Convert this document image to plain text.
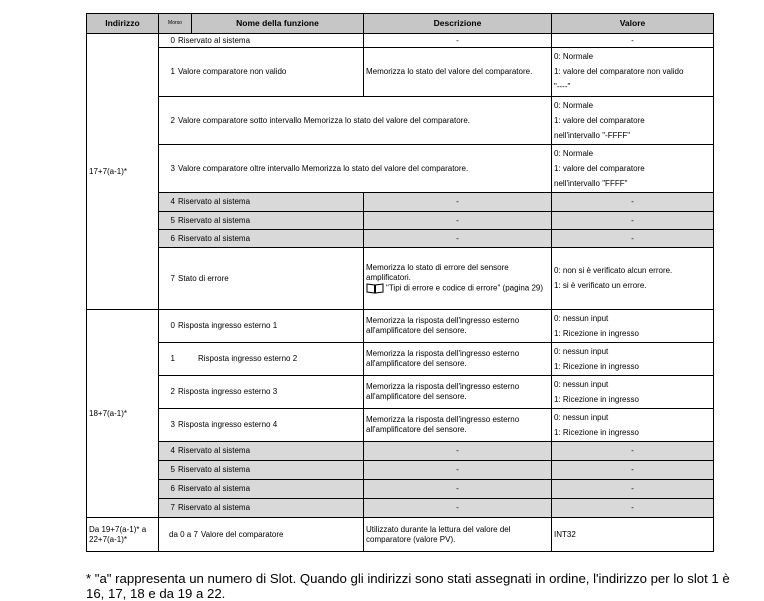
Indirizzo	Morso	Nome della funzione	Descrizione	Valore
17+7(a-1)*	0 Riservato al sistema		-	-

	1 Valore comparatore non valido		Memorizza lo stato del valore del comparatore.	0: Normale
1: valore del comparatore non valido
"----"

	2 Valore comparatore sotto intervallo Memorizza lo stato del valore del comparatore.			0: Normale
1: valore del comparatore
nell'intervallo "-FFFF"

	3 Valore comparatore oltre intervallo Memorizza lo stato del valore del comparatore.			0: Normale
1: valore del comparatore
nell'intervallo "FFFF"

	4 Riservato al sistema		-	-

	5 Riservato al sistema		-	-

	6 Riservato al sistema		-	-

	7 Stato di errore		Memorizza lo stato di errore del sensore amplificatori.
"Tipi di errore e codice di errore" (pagina 29)	0: non si è verificato alcun errore.
1: si è verificato un errore.

18+7(a-1)*	0 Risposta ingresso esterno 1		Memorizza la risposta dell'ingresso esterno all'amplificatore del sensore.	0: nessun input
1: Ricezione in ingresso

	1 Risposta ingresso esterno 2		Memorizza la risposta dell'ingresso esterno all'amplificatore del sensore.	0: nessun input
1: Ricezione in ingresso

	2 Risposta ingresso esterno 3		Memorizza la risposta dell'ingresso esterno all'amplificatore del sensore.	0: nessun input
1: Ricezione in ingresso

	3 Risposta ingresso esterno 4		Memorizza la risposta dell'ingresso esterno all'amplificatore del sensore.	0: nessun input
1: Ricezione in ingresso

	4 Riservato al sistema		-	-

	5 Riservato al sistema		-	-

	6 Riservato al sistema		-	-

	7 Riservato al sistema		-	-

Da 19+7(a-1)* a 22+7(a-1)*	da 0 a 7 Valore del comparatore		Utilizzato durante la lettura del valore del comparatore (valore PV).	INT32
* "a" rappresenta un numero di Slot. Quando gli indirizzi sono stati assegnati in ordine, l'indirizzo per lo slot 1 è 16, 17, 18 e da 19 a 22.
